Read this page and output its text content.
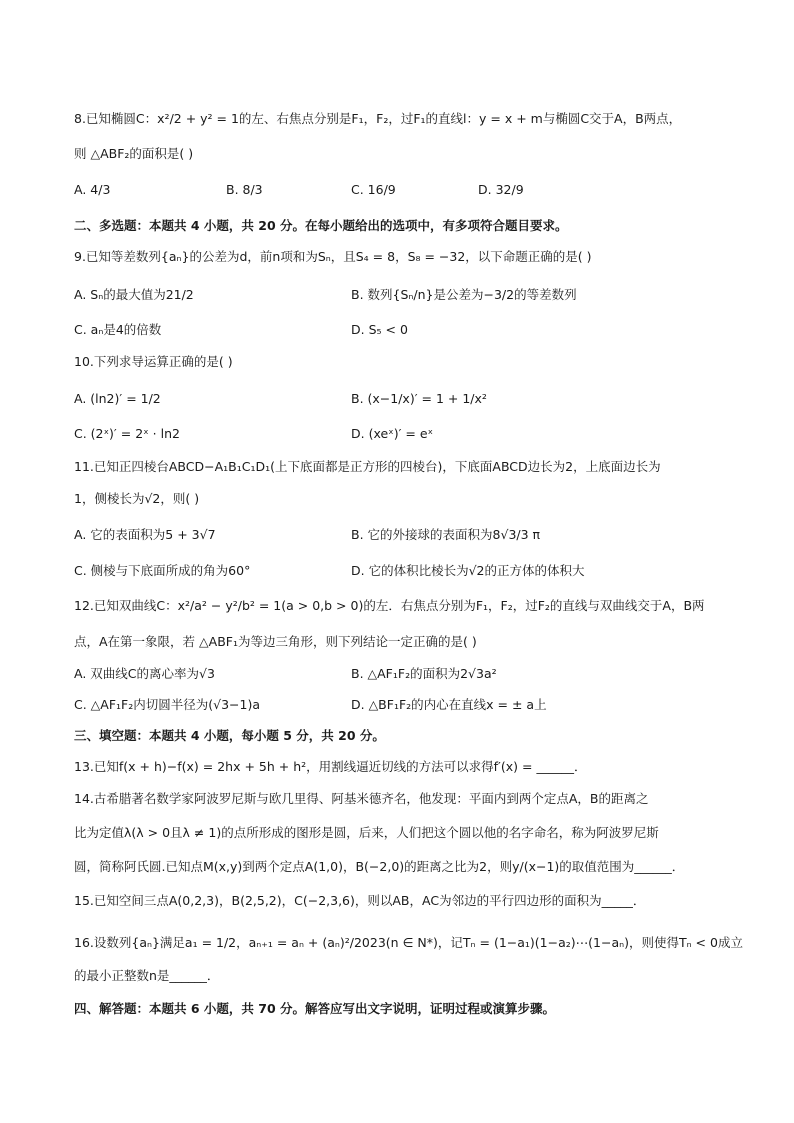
8.已知椭圆C：x²/2 + y² = 1的左、右焦点分别是F₁，F₂，过F₁的直线l：y = x + m与椭圆C交于A，B两点，
则 △ABF₂的面积是( )
A. 4/3	B. 8/3	C. 16/9	D. 32/9
二、多选题：本题共 4 小题，共 20 分。在每小题给出的选项中，有多项符合题目要求。
9.已知等差数列{aₙ}的公差为d，前n项和为Sₙ，且S₄ = 8，S₈ = −32，以下命题正确的是( )
A. Sₙ的最大值为21/2	B. 数列{Sₙ/n}是公差为−3/2的等差数列
C. aₙ是4的倍数	D. S₅ < 0
10.下列求导运算正确的是( )
A. (ln2)′ = 1/2	B. (x−1/x)′ = 1 + 1/x²
C. (2ˣ)′ = 2ˣ · ln2	D. (xeˣ)′ = eˣ
11.已知正四棱台ABCD−A₁B₁C₁D₁(上下底面都是正方形的四棱台)，下底面ABCD边长为2，上底面边长为
1，侧棱长为√2，则( )
A. 它的表面积为5 + 3√7	B. 它的外接球的表面积为8√3/3 π
C. 侧棱与下底面所成的角为60°	D. 它的体积比棱长为√2的正方体的体积大
12.已知双曲线C：x²/a² − y²/b² = 1(a > 0,b > 0)的左．右焦点分别为F₁，F₂，过F₂的直线与双曲线交于A，B两
点，A在第一象限，若 △ABF₁为等边三角形，则下列结论一定正确的是( )
A. 双曲线C的离心率为√3	B. △AF₁F₂的面积为2√3a²
C. △AF₁F₂内切圆半径为(√3−1)a	D. △BF₁F₂的内心在直线x = ± a上
三、填空题：本题共 4 小题，每小题 5 分，共 20 分。
13.已知f(x + h)−f(x) = 2hx + 5h + h²，用割线逼近切线的方法可以求得f′(x) = ______．
14.古希腊著名数学家阿波罗尼斯与欧几里得、阿基米德齐名，他发现：平面内到两个定点A，B的距离之
比为定值λ(λ > 0且λ ≠ 1)的点所形成的图形是圆，后来，人们把这个圆以他的名字命名，称为阿波罗尼斯
圆，简称阿氏圆.已知点M(x,y)到两个定点A(1,0)，B(−2,0)的距离之比为2，则y/(x−1)的取值范围为______．
15.已知空间三点A(0,2,3)，B(2,5,2)，C(−2,3,6)，则以AB，AC为邻边的平行四边形的面积为_____．
16.设数列{aₙ}满足a₁ = 1/2，aₙ₊₁ = aₙ + (aₙ)²/2023(n ∈ N*)，记Tₙ = (1−a₁)(1−a₂)⋯(1−aₙ)，则使得Tₙ < 0成立
的最小正整数n是______．
四、解答题：本题共 6 小题，共 70 分。解答应写出文字说明，证明过程或演算步骤。
